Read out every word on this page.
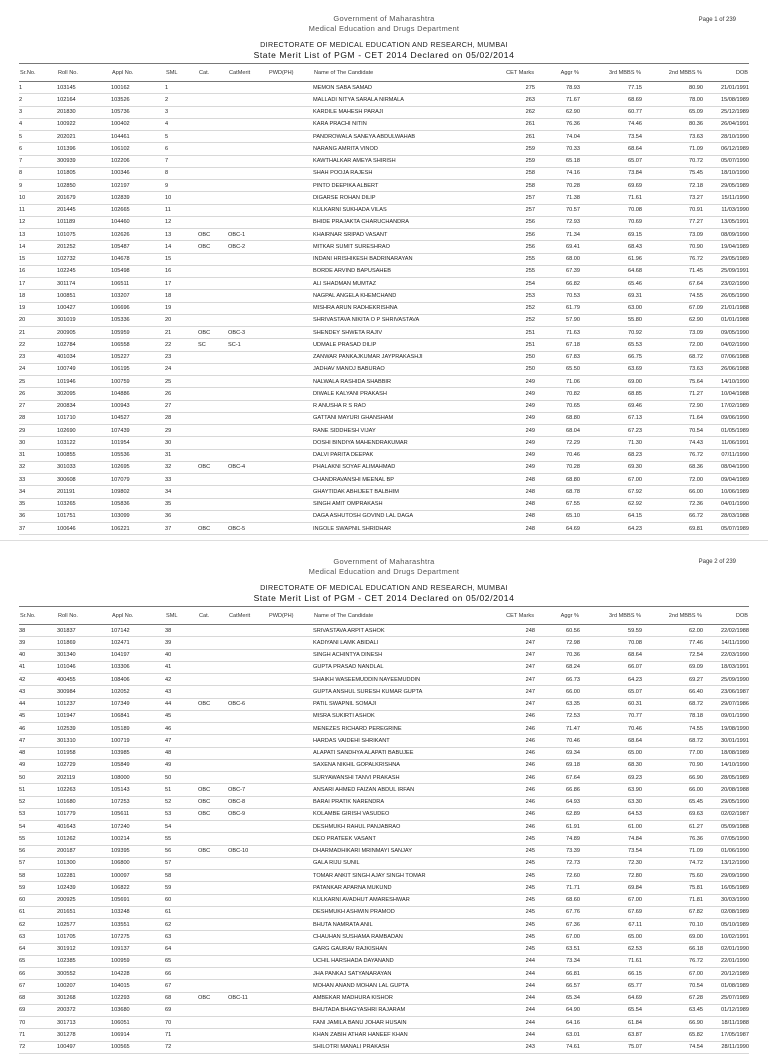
Page 1 of 239
Government of Maharashtra
Medical Education and Drugs Department
DIRECTORATE OF MEDICAL EDUCATION AND RESEARCH, MUMBAI
State Merit List of PGM - CET 2014 Declared on 05/02/2014
Sr.No.	Roll No.	Appl No.	SML	Cat.	CatMerit	PWD(PH)	Name of The Candidate	CET Marks	Aggr %	3rd MBBS %	2nd MBBS %	DOB
1	103145	100162	1				MEMON SABA SAMAD	275	78.93	77.15	80.90	21/01/1991
2	102164	103526	2				MALLADI NITYA SARALA NIRMALA	263	71.67	68.69	78.00	15/08/1989
3	201830	105736	3				KARDILE MAHESH PARAJI	262	62.90	60.77	65.09	25/12/1989
4	100922	100402	4				KARA PRACHI NITIN	261	76.36	74.46	80.36	26/04/1991
5	202021	104461	5				PANDROWALA SANEYA ABDULWAHAB	261	74.04	73.54	73.63	28/10/1990
6	101396	106102	6				NARANG AMRITA VINOD	259	70.33	68.64	71.09	06/12/1989
7	300939	102206	7				KAWTHALKAR AMEYA SHIRISH	259	65.18	65.07	70.72	05/07/1990
8	101805	100346	8				SHAH POOJA RAJESH	258	74.16	73.84	75.45	18/10/1990
9	102850	102197	9				PINTO DEEPIKA ALBERT	258	70.28	69.69	72.18	29/05/1989
10	201679	102839	10				DIGARSE ROHAN DILIP	257	71.38	71.61	73.27	15/11/1990
11	201445	102665	11				KULKARNI SUKHADA VILAS	257	70.57	70.08	70.91	11/03/1990
12	101189	104460	12				BHIDE PRAJAKTA CHARUCHANDRA	256	72.93	70.69	77.27	13/05/1991
13	101075	102626	13	OBC	OBC-1		KHAIRNAR SRIPAD VASANT	256	71.34	69.15	73.09	08/09/1990
14	201252	105487	14	OBC	OBC-2		MITKAR SUMIT SURESHRAO	256	69.41	68.43	70.90	19/04/1989
15	102732	104678	15				INDANI HRISHIKESH BADRINARAYAN	255	68.00	61.96	76.72	29/05/1989
16	102245	105498	16				BORDE ARVIND BAPUSAHEB	255	67.39	64.68	71.45	25/09/1991
17	301174	106511	17				ALI SHADMAN MUMTAZ	254	66.82	65.46	67.64	23/02/1990
18	100851	103207	18				NAGPAL ANGELA KHEMCHAND	253	70.53	69.31	74.55	26/05/1990
19	100427	106696	19				MISHRA ARUN RADHEKRISHNA	252	61.79	63.00	67.09	21/01/1988
20	301019	105336	20				SHRIVASTAVA NIKITA O P SHRIVASTAVA	252	57.90	55.80	62.90	01/01/1988
21	200905	105959	21	OBC	OBC-3		SHENDEY SHWETA RAJIV	251	71.63	70.92	73.09	09/05/1990
22	102784	106558	22	SC	SC-1		UDMALE PRASAD DILIP	251	67.18	65.53	72.00	04/02/1990
23	401034	105227	23				ZANWAR PANKAJKUMAR JAYPRAKASHJI	250	67.83	66.75	68.72	07/06/1988
24	100749	106195	24				JADHAV MANOJ BABURAO	250	65.50	63.69	73.63	26/06/1988
25	101946	100759	25				NALWALA RASHIDA SHABBIR	249	71.06	69.00	75.64	14/10/1990
26	302095	104886	26				DIWALE KALYANI PRAKASH	249	70.82	68.85	71.27	10/04/1988
27	200834	100943	27				R ANUSHA R S RAO	249	70.65	69.46	72.90	17/02/1989
28	101710	104527	28				GATTANI MAYURI GHANSHAM	249	68.80	67.13	71.64	09/06/1990
29	102690	107439	29				RANE SIDDHESH VIJAY	249	68.04	67.23	70.54	01/05/1989
30	103122	101954	30				DOSHI BINDIYA MAHENDRAKUMAR	249	72.29	71.30	74.43	11/06/1991
31	100855	105536	31				DALVI PARITA DEEPAK	249	70.46	68.23	76.72	07/11/1990
32	301033	102695	32	OBC	OBC-4		PHALAKNI SOYAF ALIMAHMAD	249	70.28	69.30	68.36	08/04/1990
33	300608	107079	33				CHANDRAVANSHI MEENAL BP	248	68.80	67.00	72.00	09/04/1989
34	201191	109802	34				GHAYTIDAK ABHIJEET BALBHIM	248	68.78	67.92	66.00	10/06/1989
35	103265	105836	35				SINGH AMIT OMPRAKASH	248	67.55	62.92	72.36	04/01/1990
36	101751	103099	36				DAGA ASHUTOSH GOVIND LAL DAGA	248	65.10	64.15	66.72	28/03/1988
37	100646	106221	37	OBC	OBC-5		INGOLE SWAPNIL SHRIDHAR	248	64.69	64.23	69.81	05/07/1989
Page 2 of 239
Government of Maharashtra
Medical Education and Drugs Department
DIRECTORATE OF MEDICAL EDUCATION AND RESEARCH, MUMBAI
State Merit List of PGM - CET 2014 Declared on 05/02/2014
Sr.No.	Roll No.	Appl No.	SML	Cat.	CatMerit	PWD(PH)	Name of The Candidate	CET Marks	Aggr %	3rd MBBS %	2nd MBBS %	DOB
38	301837	107142	38				SRIVASTAVA ARPIT ASHOK	248	60.56	59.59	62.00	22/02/1988
39	101869	102471	39				KADIYANI LAMK ABIDALI	247	72.98	70.08	77.46	14/11/1990
40	301340	104197	40				SINGH ACHINTYA DINESH	247	70.36	68.64	72.54	22/03/1990
41	101046	103306	41				GUPTA PRASAD NANDLAL	247	68.24	66.07	69.09	18/03/1991
42	400455	108406	42				SHAIKH WASEEMUDDIN NAYEEMUDDIN	247	66.73	64.23	69.27	25/09/1990
43	300984	102052	43				GUPTA ANSHUL SURESH KUMAR GUPTA	247	66.00	65.07	66.40	23/06/1987
44	101237	107349	44	OBC	OBC-6		PATIL SWAPNIL SOMAJI	247	63.35	60.31	68.72	29/07/1986
45	101947	106841	45				MISRA SUKIRTI ASHOK	246	72.53	70.77	78.18	09/01/1990
46	102539	105189	46				MENEZES RICHARD PEREGRINE	246	71.47	70.46	74.55	19/08/1990
47	301310	100719	47				HARDAS VAIDEHI SHRIKANT	246	70.46	68.64	68.72	30/01/1991
48	101958	103985	48				ALAPATI SANDHYA ALAPATI BABUJEE	246	69.34	65.00	77.00	18/08/1989
49	102729	105849	49				SAXENA NIKHIL GOPALKRISHNA	246	69.18	68.30	70.90	14/10/1990
50	202119	108000	50				SURYAWANSHI TANVI PRAKASH	246	67.64	69.23	66.90	28/05/1989
51	102263	105143	51	OBC	OBC-7		ANSARI AHMED FAIZAN ABDUL IRFAN	246	66.86	63.90	66.00	20/08/1988
52	101680	107253	52	OBC	OBC-8		BARAI PRATIK NARENDRA	246	64.93	63.30	65.45	29/05/1990
53	101779	105611	53	OBC	OBC-9		KOLAMBE GIRISH VASUDEO	246	62.89	64.53	69.63	02/02/1987
54	401643	107240	54				DESHMUKH RAHUL PANJABRAO	246	61.91	61.00	61.27	05/09/1988
55	101262	100214	55				DEO PRATEEK VASANT	245	74.89	74.84	76.36	07/05/1990
56	200187	109395	56	OBC	OBC-10		DHARMADHIKARI MRINMAYI SANJAY	245	73.39	73.54	71.09	01/06/1990
57	101300	106800	57				GALA RIJU SUNIL	245	72.73	72.30	74.72	13/12/1990
58	102281	100097	58				TOMAR ANKIT SINGH AJAY SINGH TOMAR	245	72.60	72.80	75.60	29/09/1990
59	102439	106822	59				PATANKAR APARNA MUKUND	245	71.71	69.84	75.81	16/05/1989
60	200925	105691	60				KULKARNI AVADHUT AMARESHWAR	245	68.60	67.00	71.81	30/03/1990
61	201651	103248	61				DESHMUKH ASHWIN PRAMOD	245	67.76	67.69	67.82	02/08/1989
62	102577	103551	62				BHUTA NAMRATA ANIL	245	67.36	67.11	70.10	05/10/1989
63	101705	107275	63				CHAUHAN SUSHAMA RAMBADAN	245	67.00	65.00	69.00	10/02/1991
64	301912	109137	64				GARG GAURAV RAJKISHAN	245	63.51	62.53	66.18	02/01/1990
65	102385	100959	65				UCHIL HARSHADA DAYANAND	244	73.34	71.61	76.72	22/01/1990
66	300552	104228	66				JHA PANKAJ SATYANARAYAN	244	66.81	66.15	67.00	20/12/1989
67	100207	104015	67				MOHAN ANAND MOHAN LAL GUPTA	244	66.57	65.77	70.54	01/08/1989
68	301268	102293	68	OBC	OBC-11		AMBEKAR MADHURA KISHOR	244	65.34	64.69	67.28	25/07/1989
69	200372	103680	69				BHUTADA BHAGYASHRI RAJARAM	244	64.90	65.54	63.45	01/12/1989
70	301713	106051	70				FANI JAMILA BANU JOHAR HUSAIN	244	64.16	61.84	66.90	18/11/1988
71	301278	106914	71				KHAN ZABIH ATHAR HANEEF KHAN	244	63.01	63.87	65.82	17/05/1987
72	100497	100565	72				SHILOTRI MANALI PRAKASH	243	74.61	75.07	74.54	28/11/1990
